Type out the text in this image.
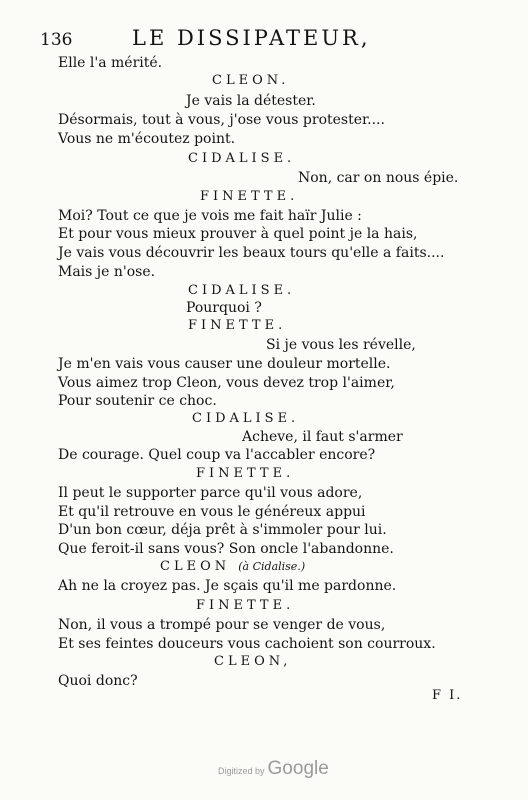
136	LE DISSIPATEUR,
Elle l'a mérité.
CLEON.
Je vais la détester.
Désormais, tout à vous, j'ose vous protester....
Vous ne m'écoutez point.
CIDALISE.
Non, car on nous épie.
FINETTE.
Moi? Tout ce que je vois me fait haïr Julie :
Et pour vous mieux prouver à quel point je la hais,
Je vais vous découvrir les beaux tours qu'elle a faits....
Mais je n'ose.
CIDALISE.
Pourquoi ?
FINETTE.
Si je vous les révelle,
Je m'en vais vous causer une douleur mortelle.
Vous aimez trop Cleon, vous devez trop l'aimer,
Pour soutenir ce choc.
CIDALISE.
Acheve, il faut s'armer
De courage. Quel coup va l'accabler encore?
FINETTE.
Il peut le supporter parce qu'il vous adore,
Et qu'il retrouve en vous le généreux appui
D'un bon cœur, déja prêt à s'immoler pour lui.
Que feroit-il sans vous? Son oncle l'abandonne.
CLEON (à Cidalise.)
Ah ne la croyez pas. Je sçais qu'il me pardonne.
FINETTE.
Non, il vous a trompé pour se venger de vous,
Et ses feintes douceurs vous cachoient son courroux.
CLEON,
Quoi donc?
F I.
Digitized by Google
